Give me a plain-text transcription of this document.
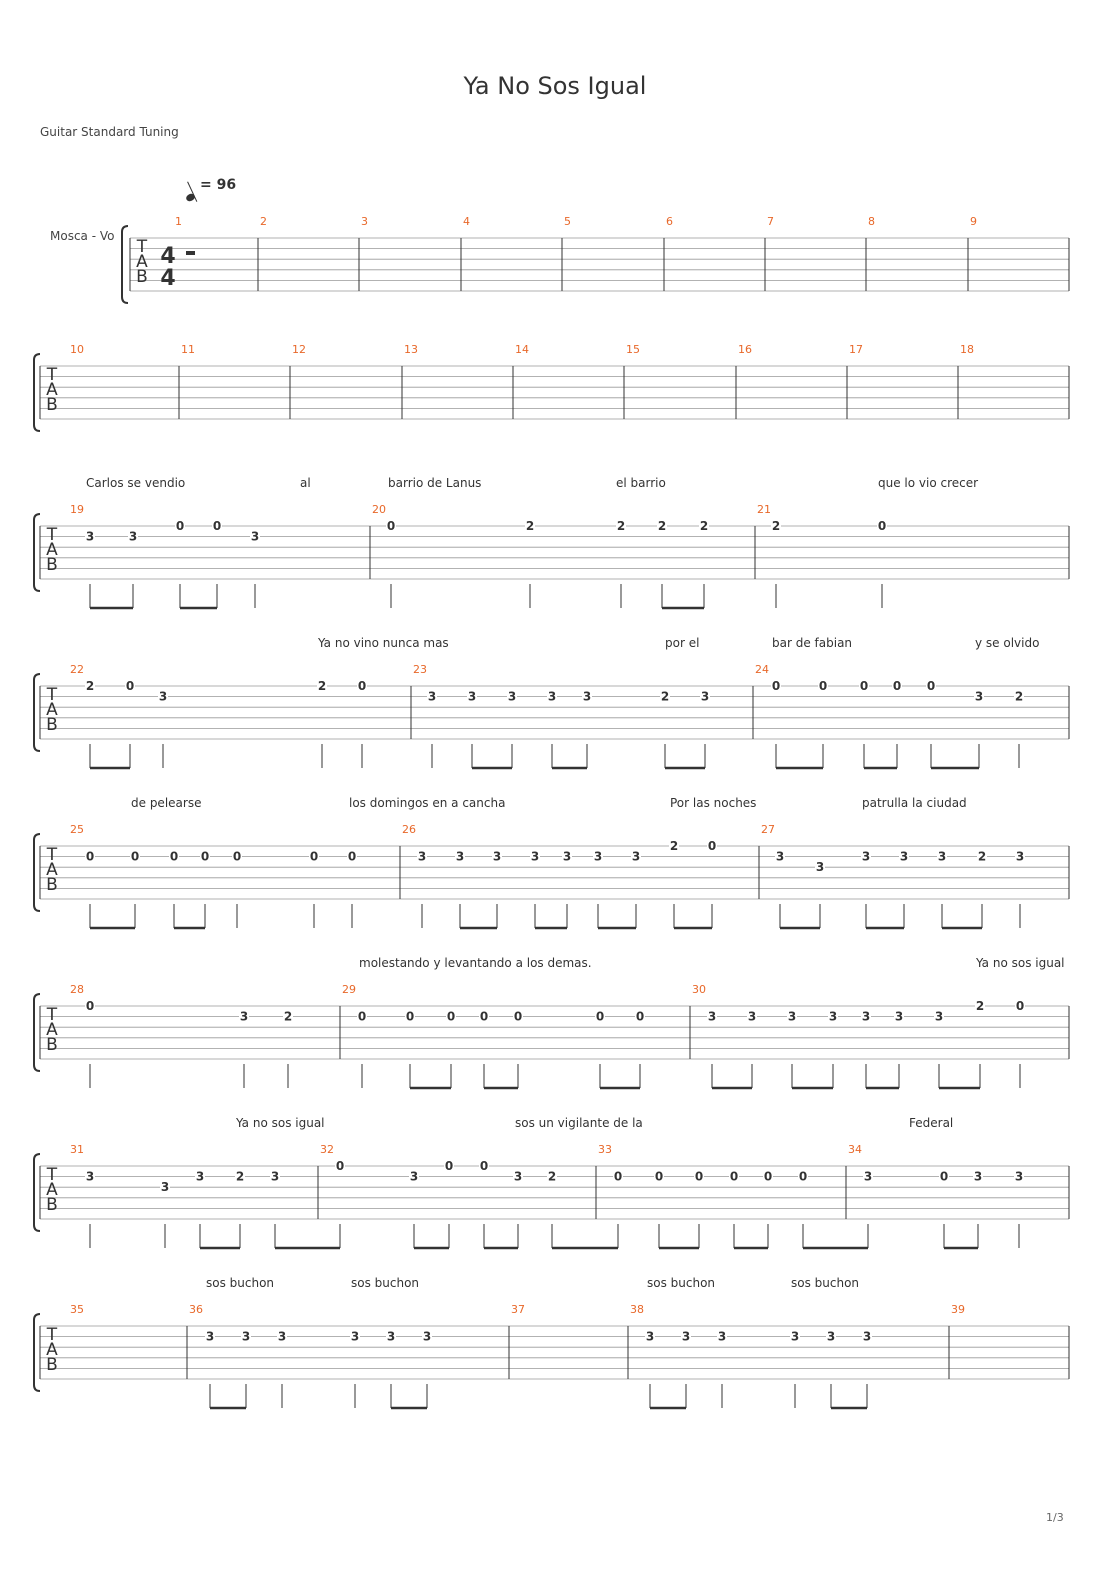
Ya No Sos Igual
Guitar Standard Tuning
= 96
Mosca - Vo
T
A
B
4
4
1	2	3	4	5	6	7	8	9
T
A
B
10	11	12	13	14	15	16	17	18
T
A
B
19	20	21
Carlos se vendio	al	barrio de Lanus	el barrio	que lo vio crecer
3	3
0 0
3
0	2	2	2	2	2	0
T
A
B
22	23	24
Ya no vino nunca mas	por el	bar de fabian	y se olvido
2	0
3
2	0
3	3	3	3 3	2	3
0	0	0 0 0
3	2
T
A
B
25	26	27
de pelearse	los domingos en a cancha	Por las noches	patrulla la ciudad
0	0	0 0 0	0 0	3 3 3 3 3 3 3
2 0
3
3
3 3 3	2 3
T
A
B
28	29	30
molestando y levantando a los demas.	Ya no sos igual
0
3	2	0	0	0 0 0	0	0	3	3	3	3 3 3	3
2	0
T
A
B
31	32	33	34
Ya no sos igual	sos un vigilante de la	Federal
3
3
3	2 3
0
3
0 0
3 2	0	0	0 0 0 0	3	0 3	3
T
A
B
35	36	37	38	39
sos buchon	sos buchon	sos buchon	sos buchon
3 3 3	3 3 3	3 3 3	3 3 3
1/3
